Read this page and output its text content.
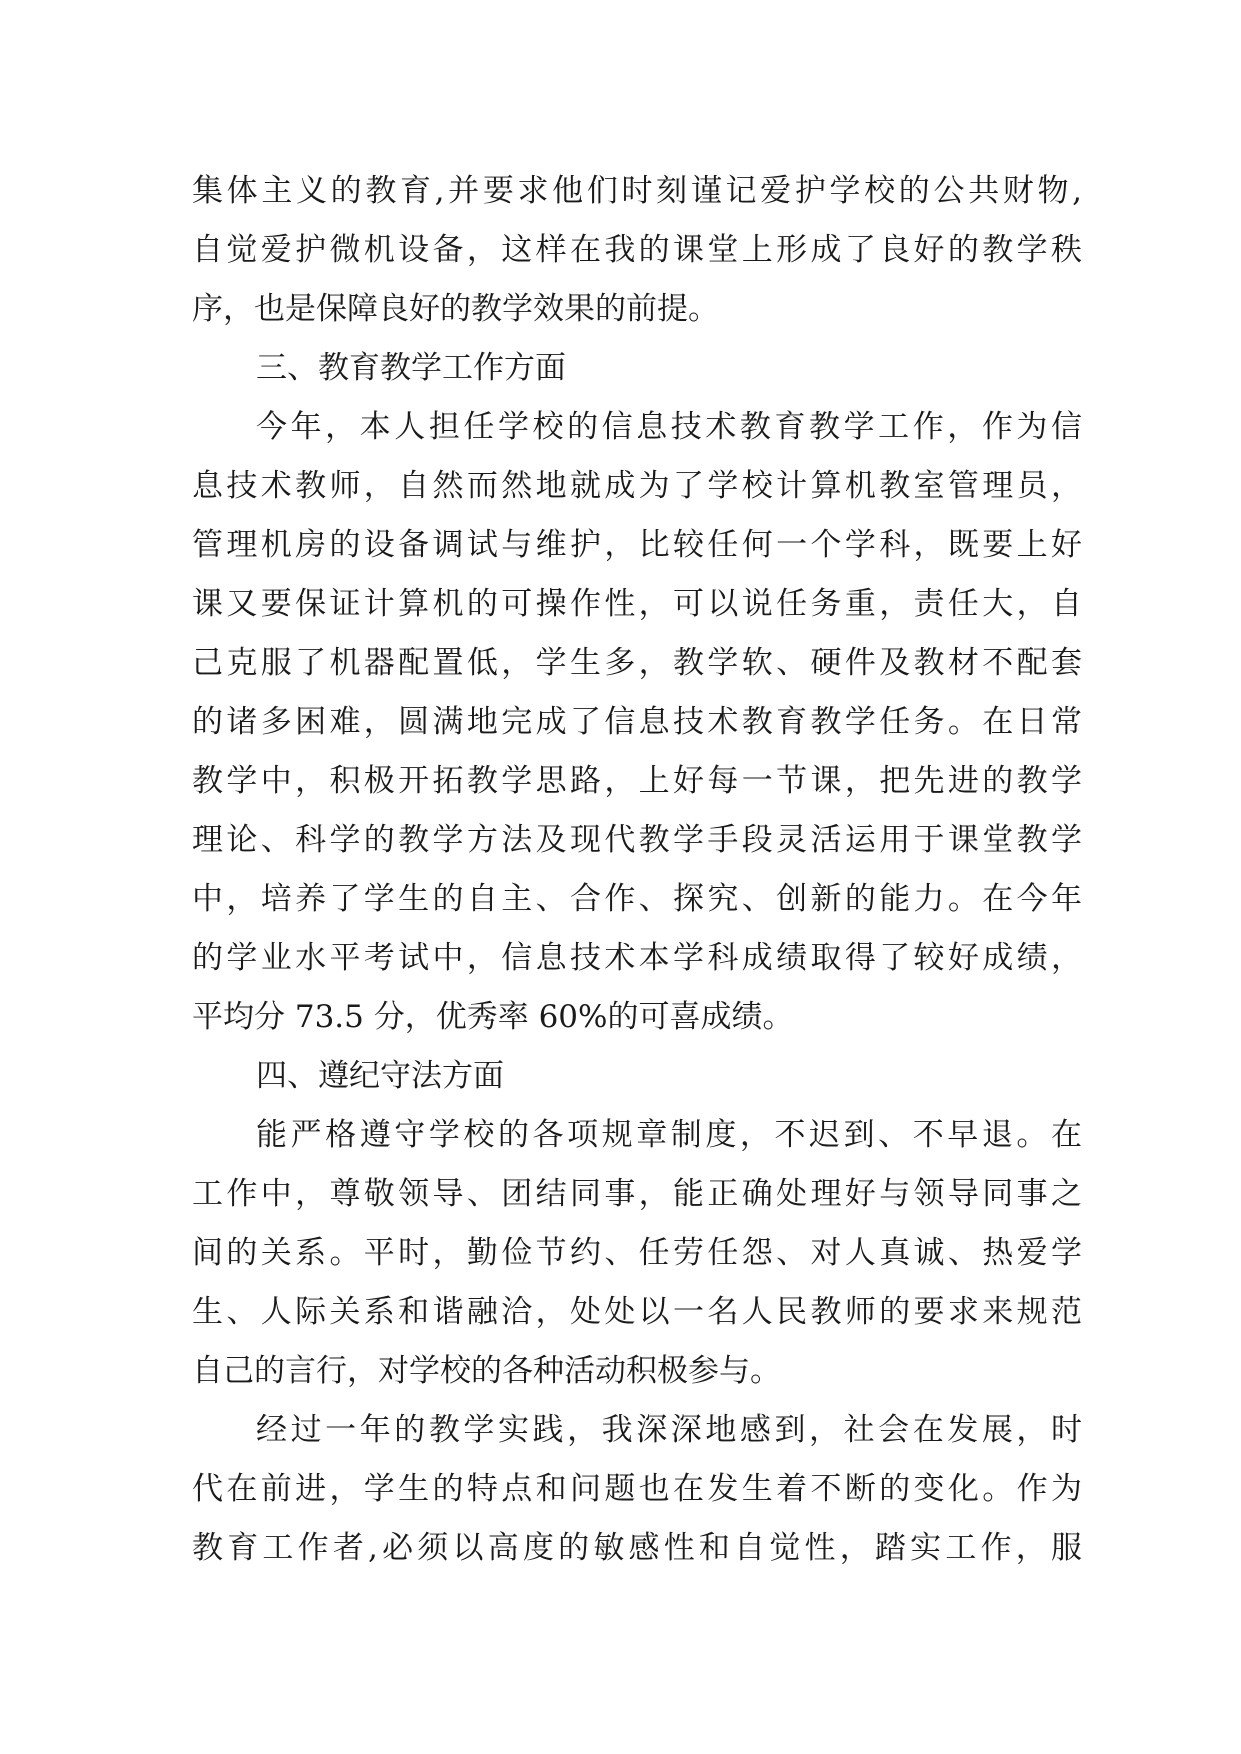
集体主义的教育,并要求他们时刻谨记爱护学校的公共财物,
自觉爱护微机设备，这样在我的课堂上形成了良好的教学秩
序，也是保障良好的教学效果的前提。
三、教育教学工作方面
今年，本人担任学校的信息技术教育教学工作，作为信
息技术教师，自然而然地就成为了学校计算机教室管理员，
管理机房的设备调试与维护，比较任何一个学科，既要上好
课又要保证计算机的可操作性，可以说任务重，责任大，自
己克服了机器配置低，学生多，教学软、硬件及教材不配套
的诸多困难，圆满地完成了信息技术教育教学任务。在日常
教学中，积极开拓教学思路，上好每一节课，把先进的教学
理论、科学的教学方法及现代教学手段灵活运用于课堂教学
中，培养了学生的自主、合作、探究、创新的能力。在今年
的学业水平考试中，信息技术本学科成绩取得了较好成绩，
平均分 73.5 分，优秀率 60%的可喜成绩。
四、遵纪守法方面
能严格遵守学校的各项规章制度，不迟到、不早退。在
工作中，尊敬领导、团结同事，能正确处理好与领导同事之
间的关系。平时，勤俭节约、任劳任怨、对人真诚、热爱学
生、人际关系和谐融洽，处处以一名人民教师的要求来规范
自己的言行，对学校的各种活动积极参与。
经过一年的教学实践，我深深地感到，社会在发展，时
代在前进，学生的特点和问题也在发生着不断的变化。作为
教育工作者,必须以高度的敏感性和自觉性，踏实工作，服
